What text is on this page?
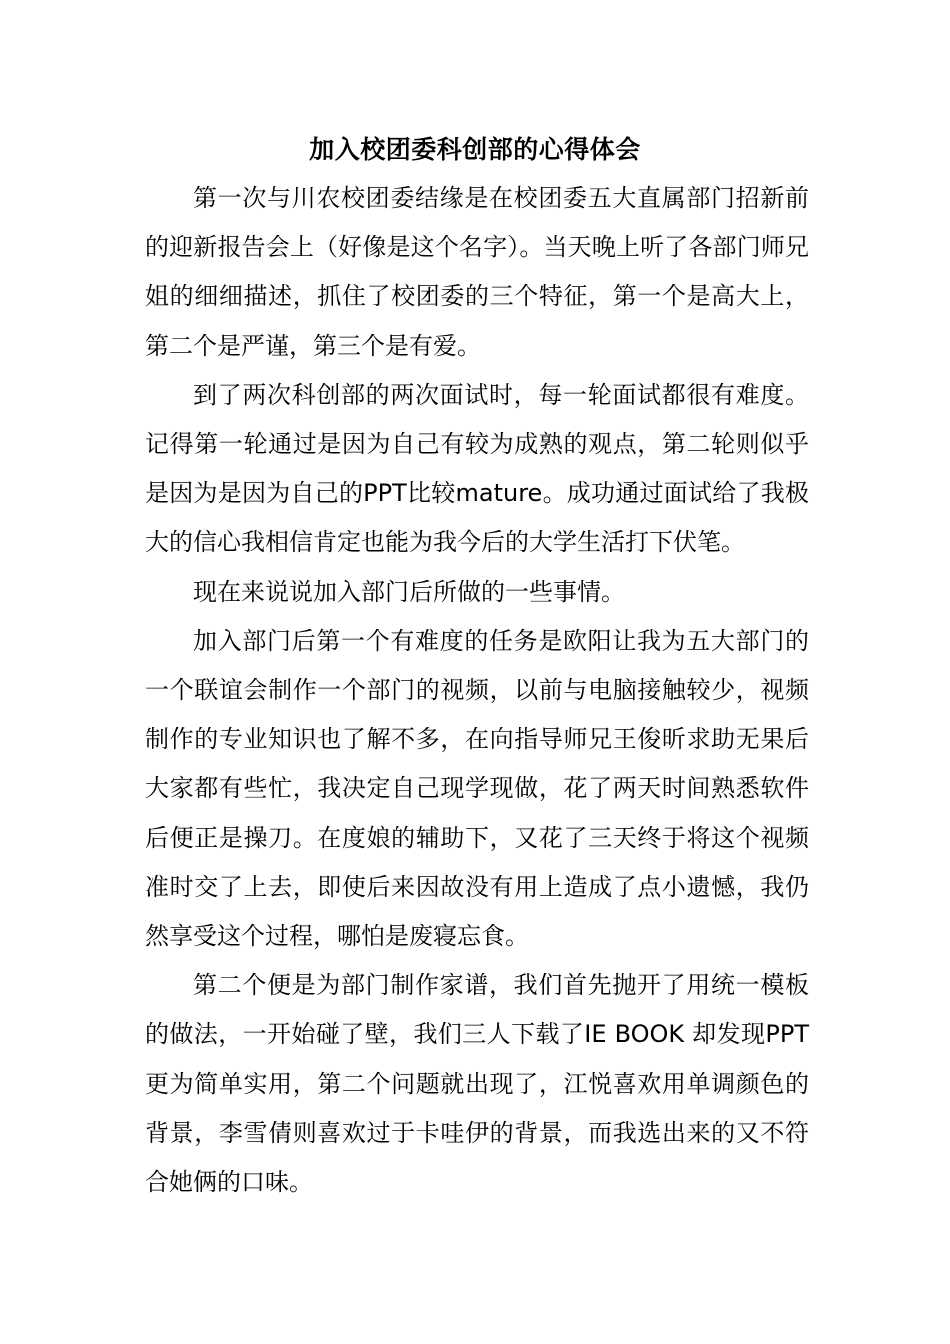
加入校团委科创部的心得体会

第一次与川农校团委结缘是在校团委五大直属部门招新前的迎新报告会上（好像是这个名字）。当天晚上听了各部门师兄姐的细细描述，抓住了校团委的三个特征，第一个是高大上，第二个是严谨，第三个是有爱。

到了两次科创部的两次面试时，每一轮面试都很有难度。记得第一轮通过是因为自己有较为成熟的观点，第二轮则似乎是因为是因为自己的PPT比较mature。成功通过面试给了我极大的信心我相信肯定也能为我今后的大学生活打下伏笔。

现在来说说加入部门后所做的一些事情。

加入部门后第一个有难度的任务是欧阳让我为五大部门的一个联谊会制作一个部门的视频，以前与电脑接触较少，视频制作的专业知识也了解不多，在向指导师兄王俊昕求助无果后大家都有些忙，我决定自己现学现做，花了两天时间熟悉软件后便正是操刀。在度娘的辅助下，又花了三天终于将这个视频准时交了上去，即使后来因故没有用上造成了点小遗憾，我仍然享受这个过程，哪怕是废寝忘食。

第二个便是为部门制作家谱，我们首先抛开了用统一模板的做法，一开始碰了壁，我们三人下载了IE BOOK 却发现PPT更为简单实用，第二个问题就出现了，江悦喜欢用单调颜色的背景，李雪倩则喜欢过于卡哇伊的背景，而我选出来的又不符合她俩的口味。
